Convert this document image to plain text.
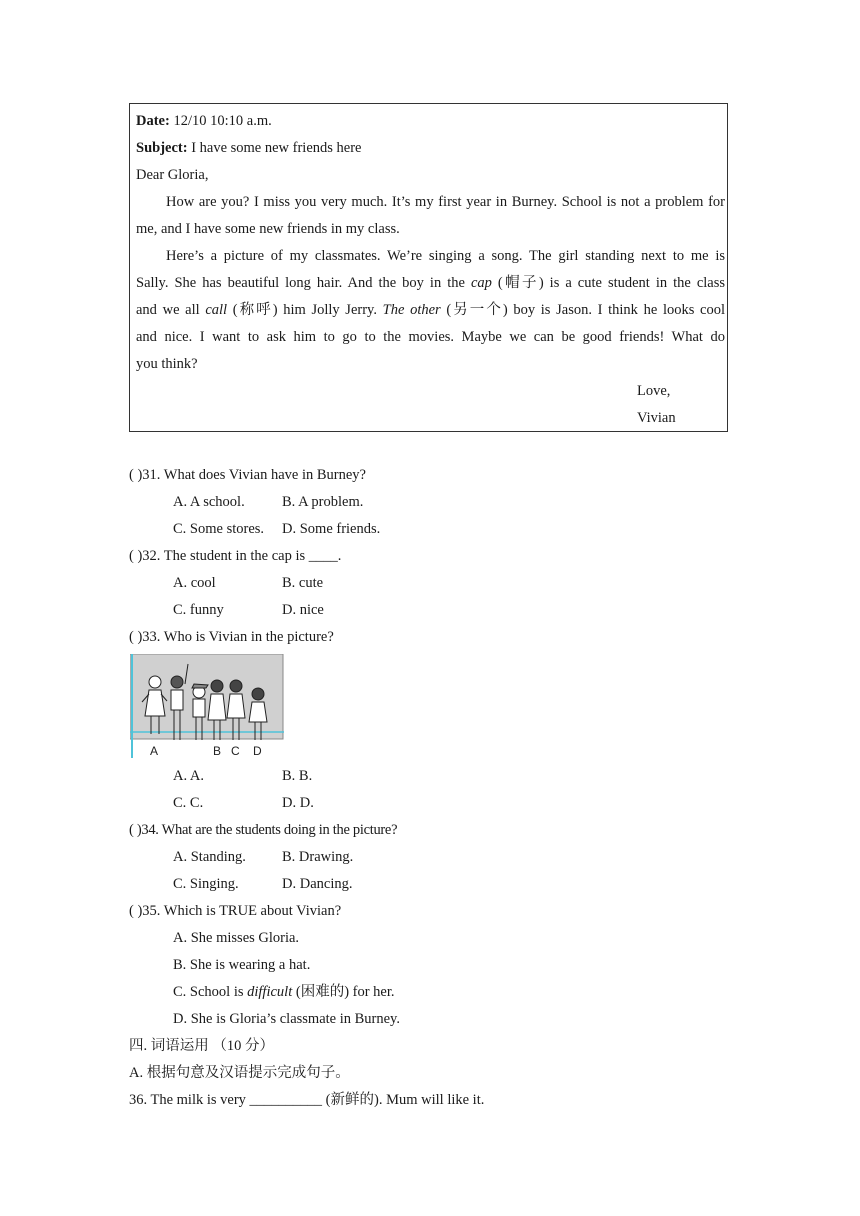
Date: 12/10 10:10 a.m.
Subject: I have some new friends here
Dear Gloria,
How are you? I miss you very much. It’s my first year in Burney. School is not a problem for
me, and I have some new friends in my class.
Here’s a picture of my classmates. We’re singing a song. The girl standing next to me is
Sally. She has beautiful long hair. And the boy in the cap (帽子) is a cute student in the class
and we all call (称呼) him Jolly Jerry. The other (另一个) boy is Jason. I think he looks cool
and nice. I want to ask him to go to the movies. Maybe we can be good friends! What do
you think?
Love,
Vivian
( )31. What does Vivian have in Burney?
A. A school.	B. A problem.
C. Some stores. D. Some friends.
( )32. The student in the cap is ____.
A. cool	B. cute
C. funny	D. nice
( )33. Who is Vivian in the picture?
A	B C D
A. A.	B. B.
C. C.	D. D.
( )34. What are the students doing in the picture?
A. Standing. B. Drawing.
C. Singing.	D. Dancing.
( )35. Which is TRUE about Vivian?
A. She misses Gloria.
B. She is wearing a hat.
C. School is difficult (困难的) for her.
D. She is Gloria’s classmate in Burney.
四. 词语运用 （10 分）
A. 根据句意及汉语提示完成句子。
36. The milk is very __________ (新鲜的). Mum will like it.
